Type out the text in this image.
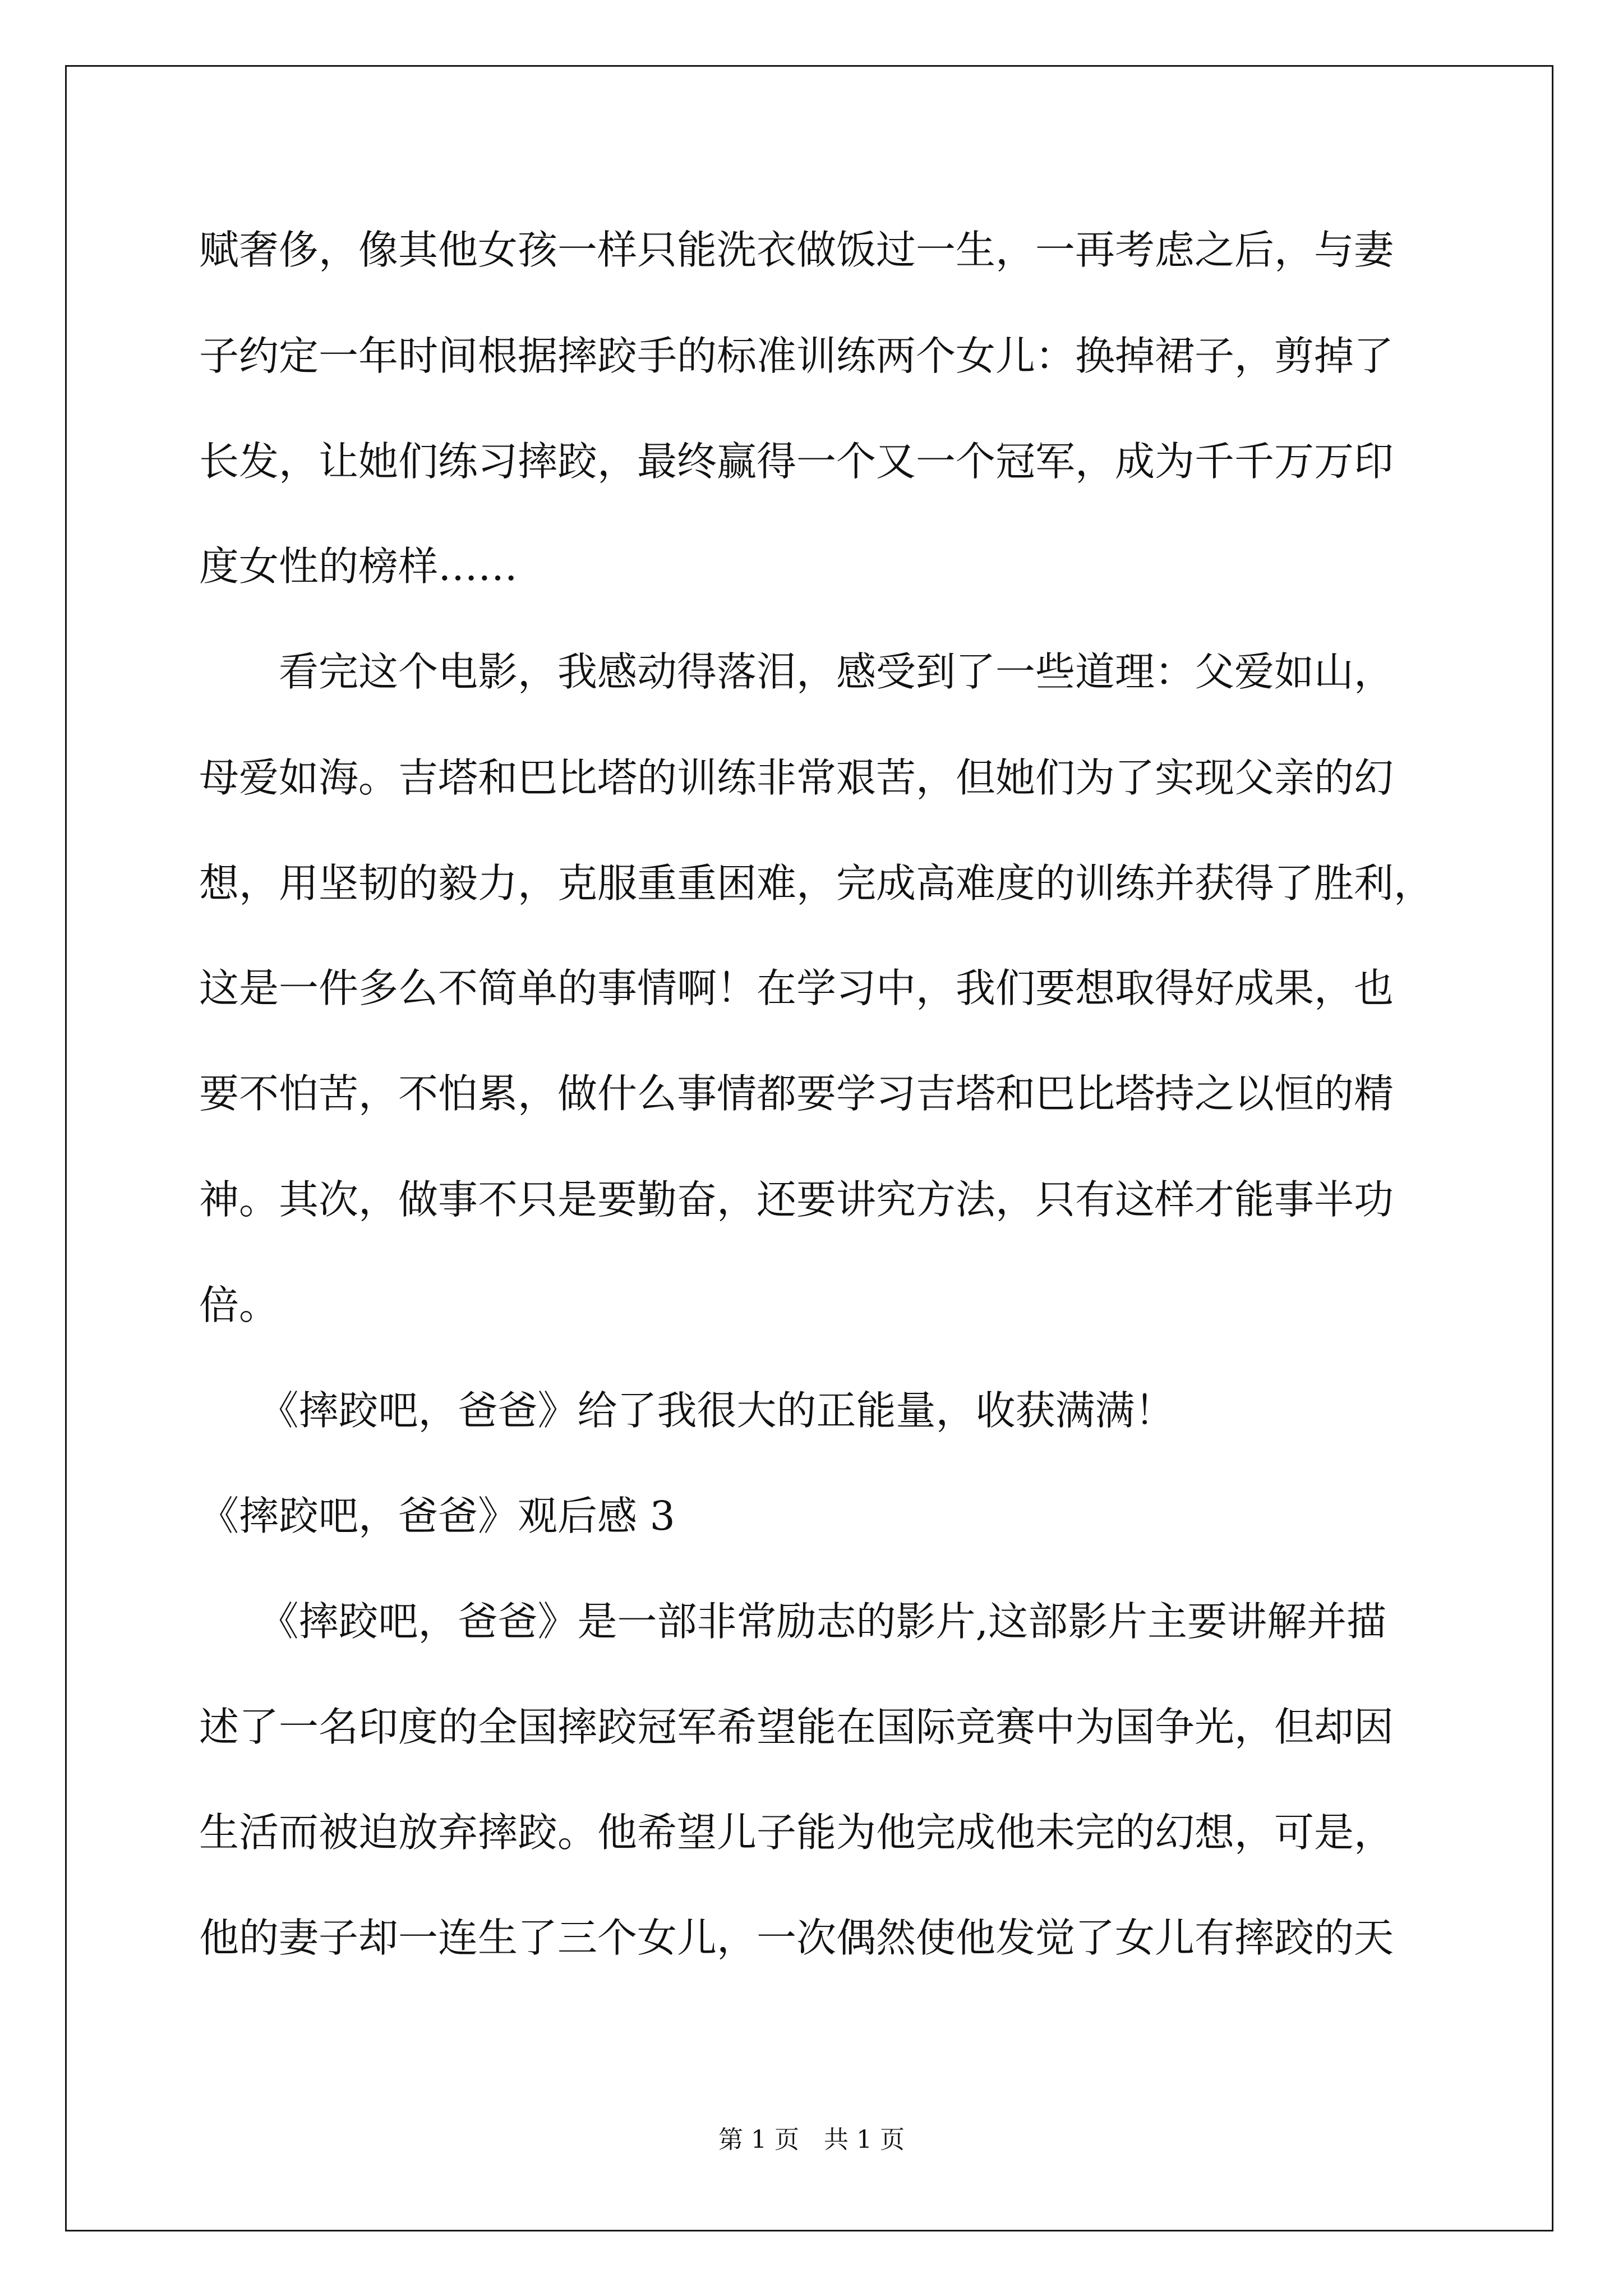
赋奢侈，像其他女孩一样只能洗衣做饭过一生，一再考虑之后，与妻

子约定一年时间根据摔跤手的标准训练两个女儿：换掉裙子，剪掉了

长发，让她们练习摔跤，最终赢得一个又一个冠军，成为千千万万印

度女性的榜样……

　　看完这个电影，我感动得落泪，感受到了一些道理：父爱如山，

母爱如海。吉塔和巴比塔的训练非常艰苦，但她们为了实现父亲的幻

想，用坚韧的毅力，克服重重困难，完成高难度的训练并获得了胜利，

这是一件多么不简单的事情啊！在学习中，我们要想取得好成果，也

要不怕苦，不怕累，做什么事情都要学习吉塔和巴比塔持之以恒的精

神。其次，做事不只是要勤奋，还要讲究方法，只有这样才能事半功

倍。

　　《摔跤吧，爸爸》给了我很大的正能量，收获满满！

《摔跤吧，爸爸》观后感 3

　　《摔跤吧，爸爸》是一部非常励志的影片,这部影片主要讲解并描

述了一名印度的全国摔跤冠军希望能在国际竞赛中为国争光，但却因

生活而被迫放弃摔跤。他希望儿子能为他完成他未完的幻想，可是，

他的妻子却一连生了三个女儿，一次偶然使他发觉了女儿有摔跤的天

第 1 页　共 1 页
